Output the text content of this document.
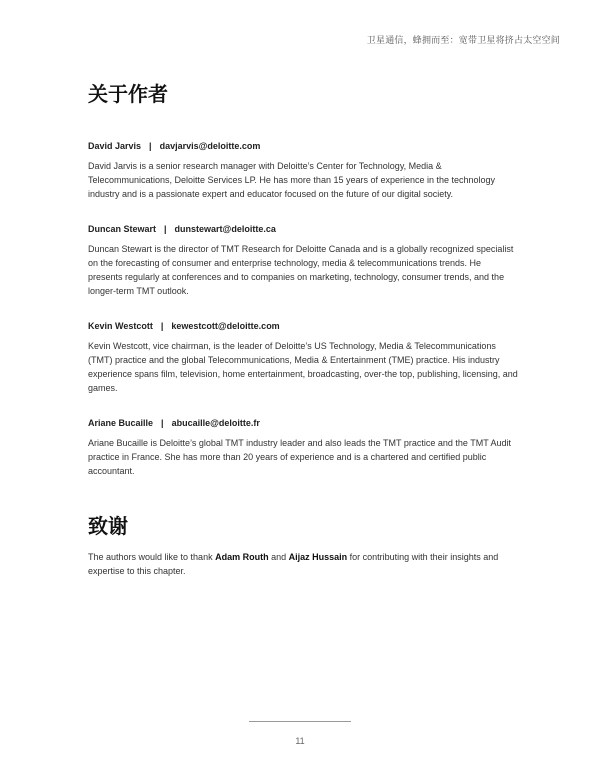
卫星通信，蜂拥而至：宽带卫星将挤占太空空间
关于作者
David Jarvis | davjarvis@deloitte.com
David Jarvis is a senior research manager with Deloitte’s Center for Technology, Media & Telecommunications, Deloitte Services LP. He has more than 15 years of experience in the technology industry and is a passionate expert and educator focused on the future of our digital society.
Duncan Stewart | dunstewart@deloitte.ca
Duncan Stewart is the director of TMT Research for Deloitte Canada and is a globally recognized specialist on the forecasting of consumer and enterprise technology, media & telecommunications trends. He presents regularly at conferences and to companies on marketing, technology, consumer trends, and the longer-term TMT outlook.
Kevin Westcott | kewestcott@deloitte.com
Kevin Westcott, vice chairman, is the leader of Deloitte’s US Technology, Media & Telecommunications (TMT) practice and the global Telecommunications, Media & Entertainment (TME) practice. His industry experience spans film, television, home entertainment, broadcasting, over-the top, publishing, licensing, and games.
Ariane Bucaille | abucaille@deloitte.fr
Ariane Bucaille is Deloitte’s global TMT industry leader and also leads the TMT practice and the TMT Audit practice in France. She has more than 20 years of experience and is a chartered and certified public accountant.
致谢
The authors would like to thank Adam Routh and Aijaz Hussain for contributing with their insights and expertise to this chapter.
11
